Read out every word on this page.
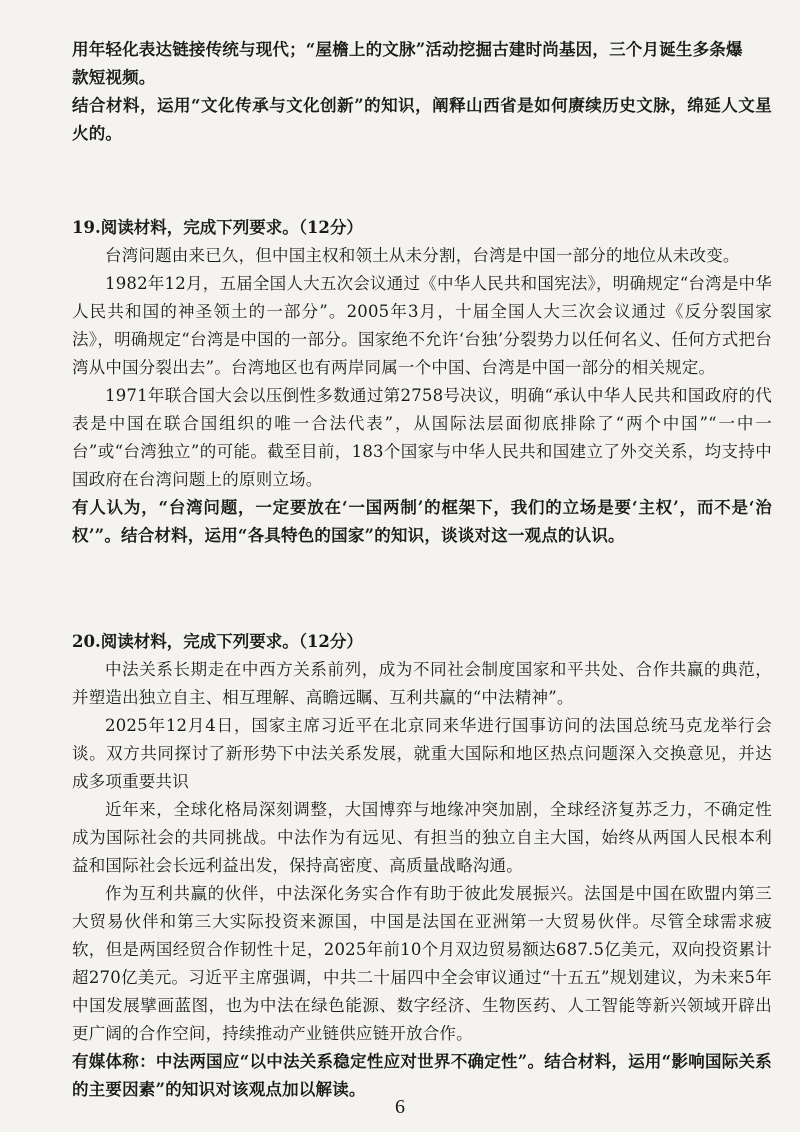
用年轻化表达链接传统与现代；“屋檐上的文脉”活动挖掘古建时尚基因，三个月诞生多条爆

款短视频。

结合材料，运用“文化传承与文化创新”的知识，阐释山西省是如何赓续历史文脉，绵延人文星火的。

19.阅读材料，完成下列要求。（12分）

台湾问题由来已久，但中国主权和领土从未分割，台湾是中国一部分的地位从未改变。

1982年12月，五届全国人大五次会议通过《中华人民共和国宪法》，明确规定“台湾是中华人民共和国的神圣领土的一部分”。2005年3月，十届全国人大三次会议通过《反分裂国家法》，明确规定“台湾是中国的一部分。国家绝不允许‘台独’分裂势力以任何名义、任何方式把台湾从中国分裂出去”。台湾地区也有两岸同属一个中国、台湾是中国一部分的相关规定。

1971年联合国大会以压倒性多数通过第2758号决议，明确“承认中华人民共和国政府的代表是中国在联合国组织的唯一合法代表”，从国际法层面彻底排除了“两个中国”“一中一台”或“台湾独立”的可能。截至目前，183个国家与中华人民共和国建立了外交关系，均支持中国政府在台湾问题上的原则立场。

有人认为，“台湾问题，一定要放在‘一国两制’的框架下，我们的立场是要‘主权’，而不是‘治权’”。结合材料，运用“各具特色的国家”的知识，谈谈对这一观点的认识。

20.阅读材料，完成下列要求。（12分）

中法关系长期走在中西方关系前列，成为不同社会制度国家和平共处、合作共赢的典范，并塑造出独立自主、相互理解、高瞻远瞩、互利共赢的“中法精神”。

2025年12月4日，国家主席习近平在北京同来华进行国事访问的法国总统马克龙举行会谈。双方共同探讨了新形势下中法关系发展，就重大国际和地区热点问题深入交换意见，并达成多项重要共识

近年来，全球化格局深刻调整，大国博弈与地缘冲突加剧，全球经济复苏乏力，不确定性成为国际社会的共同挑战。中法作为有远见、有担当的独立自主大国，始终从两国人民根本利益和国际社会长远利益出发，保持高密度、高质量战略沟通。

作为互利共赢的伙伴，中法深化务实合作有助于彼此发展振兴。法国是中国在欧盟内第三大贸易伙伴和第三大实际投资来源国，中国是法国在亚洲第一大贸易伙伴。尽管全球需求疲软，但是两国经贸合作韧性十足，2025年前10个月双边贸易额达687.5亿美元，双向投资累计超270亿美元。习近平主席强调，中共二十届四中全会审议通过“十五五”规划建议，为未来5年中国发展擘画蓝图，也为中法在绿色能源、数字经济、生物医药、人工智能等新兴领域开辟出更广阔的合作空间，持续推动产业链供应链开放合作。

有媒体称：中法两国应“以中法关系稳定性应对世界不确定性”。结合材料，运用“影响国际关系的主要因素”的知识对该观点加以解读。

6
